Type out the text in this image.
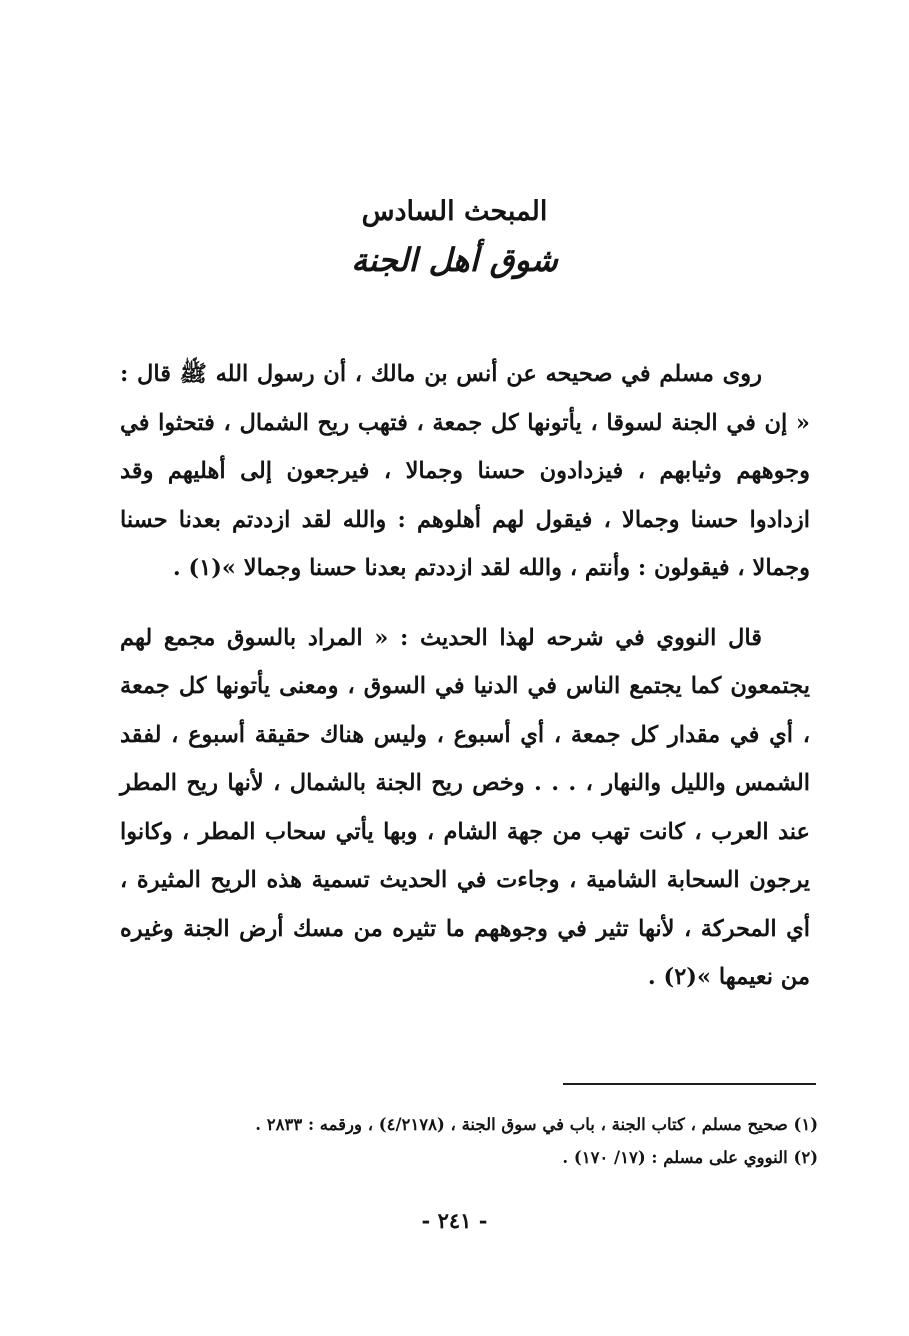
المبحث السادس

شوق أهل الجنة

روى مسلم في صحيحه عن أنس بن مالك ، أن رسول الله ﷺ قال : « إن في الجنة لسوقا ، يأتونها كل جمعة ، فتهب ريح الشمال ، فتحثوا في وجوههم وثيابهم ، فيزدادون حسنا وجمالا ، فيرجعون إلى أهليهم وقد ازدادوا حسنا وجمالا ، فيقول لهم أهلوهم : والله لقد ازددتم بعدنا حسنا وجمالا ، فيقولون : وأنتم ، والله لقد ازددتم بعدنا حسنا وجمالا »(١) .

قال النووي في شرحه لهذا الحديث : « المراد بالسوق مجمع لهم يجتمعون كما يجتمع الناس في الدنيا في السوق ، ومعنى يأتونها كل جمعة ، أي في مقدار كل جمعة ، أي أسبوع ، وليس هناك حقيقة أسبوع ، لفقد الشمس والليل والنهار ، . . . وخص ريح الجنة بالشمال ، لأنها ريح المطر عند العرب ، كانت تهب من جهة الشام ، وبها يأتي سحاب المطر ، وكانوا يرجون السحابة الشامية ، وجاءت في الحديث تسمية هذه الريح المثيرة ، أي المحركة ، لأنها تثير في وجوههم ما تثيره من مسك أرض الجنة وغيره من نعيمها »(٢) .

(١) صحيح مسلم ، كتاب الجنة ، باب في سوق الجنة ، (٤/٢١٧٨) ، ورقمه : ٢٨٣٣ .

(٢) النووي على مسلم : (١٧/ ١٧٠) .

- ٢٤١ -
